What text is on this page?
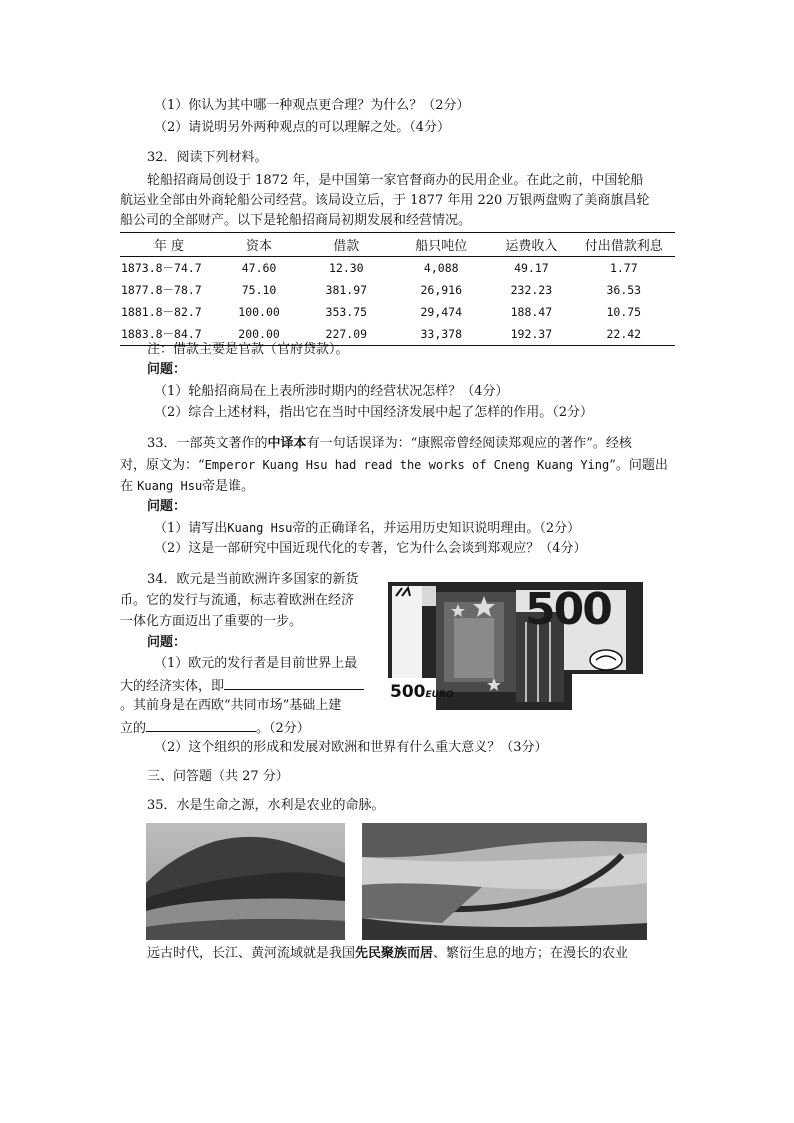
（1）你认为其中哪一种观点更合理？为什么？（2分）
（2）请说明另外两种观点的可以理解之处。（4分）
32．阅读下列材料。
轮船招商局创设于 1872 年，是中国第一家官督商办的民用企业。在此之前，中国轮船
航运业全部由外商轮船公司经营。该局设立后，于 1877 年用 220 万银两盘购了美商旗昌轮
船公司的全部财产。以下是轮船招商局初期发展和经营情况。
年 度	资本	借款	船只吨位	运费收入	付出借款利息
1873.8－74.7	47.60	12.30	4,088	49.17	1.77
1877.8－78.7	75.10	381.97	26,916	232.23	36.53
1881.8－82.7	100.00	353.75	29,474	188.47	10.75
1883.8－84.7	200.00	227.09	33,378	192.37	22.42
注：借款主要是官款（官府贷款）。
问题：
（1）轮船招商局在上表所涉时期内的经营状况怎样？（4分）
（2）综合上述材料，指出它在当时中国经济发展中起了怎样的作用。（2分）
33．一部英文著作的中译本有一句话误译为：“康熙帝曾经阅读郑观应的著作”。经核
对，原文为：“Emperor Kuang Hsu had read the works of Cneng Kuang Ying”。问题出
在 Kuang Hsu帝是谁。
问题：
（1）请写出Kuang Hsu帝的正确译名，并运用历史知识说明理由。（2分）
（2）这是一部研究中国近现代化的专著，它为什么会谈到郑观应？（4分）
34．欧元是当前欧洲许多国家的新货
币。它的发行与流通，标志着欧洲在经济
一体化方面迈出了重要的一步。
问题：
（1）欧元的发行者是目前世界上最
大的经济实体，即
。其前身是在西欧“共同市场”基础上建
立的	。（2分）
（2）这个组织的形成和发展对欧洲和世界有什么重大意义？（3分）
500
500EURO
三、问答题（共 27 分）
35．水是生命之源，水利是农业的命脉。
远古时代，长江、黄河流域就是我国先民聚族而居、繁衍生息的地方；在漫长的农业
